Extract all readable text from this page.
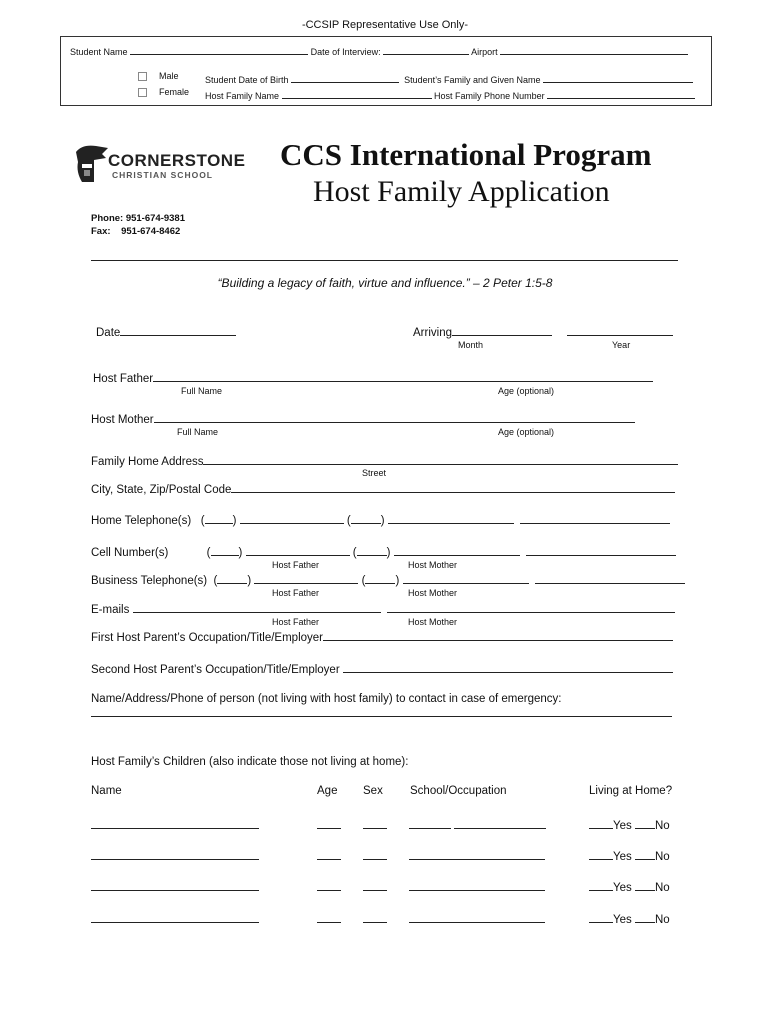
-CCSIP Representative Use Only-
Student Name	Date of Interview:	Airport
Male
Female
Student Date of Birth	Student’s Family and Given Name
Host Family Name	Host Family Phone Number
CORNERSTONE
CHRISTIAN SCHOOL
Phone: 951-674-9381
Fax: 951-674-8462
CCS International Program
Host Family Application
“Building a legacy of faith, virtue and influence.” – 2 Peter 1:5-8
Date	Arriving
Month	Year
Host Father
Full Name	Age (optional)
Host Mother
Full Name	Age (optional)
Family Home Address
Street
City, State, Zip/Postal Code
Home Telephone(s) ( )	(	)
Cell Number(s)	( )	(	)
Host Father	Host Mother
Business Telephone(s) (	)	(	)
Host Father	Host Mother
E-mails
Host Father	Host Mother
First Host Parent’s Occupation/Title/Employer
Second Host Parent’s Occupation/Title/Employer
Name/Address/Phone of person (not living with host family) to contact in case of emergency:
Host Family’s Children (also indicate those not living at home):
Name	Age Sex School/Occupation	Living at Home?
Yes No
Yes No
Yes No
Yes No
